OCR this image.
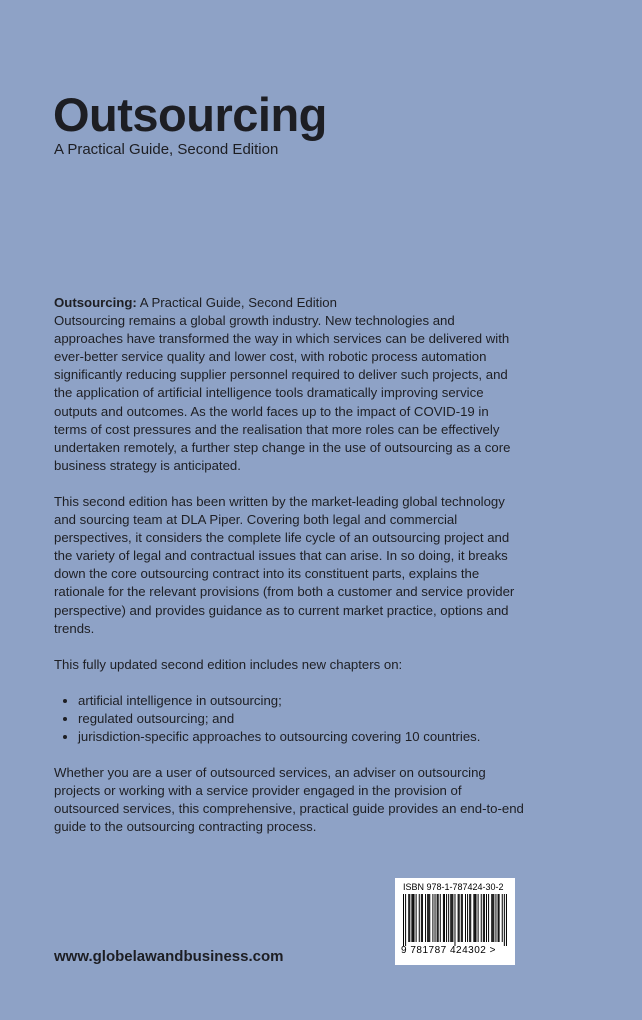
Outsourcing
A Practical Guide, Second Edition

Outsourcing: A Practical Guide, Second Edition

Outsourcing remains a global growth industry. New technologies and approaches have transformed the way in which services can be delivered with ever-better service quality and lower cost, with robotic process automation significantly reducing supplier personnel required to deliver such projects, and the application of artificial intelligence tools dramatically improving service outputs and outcomes. As the world faces up to the impact of COVID-19 in terms of cost pressures and the realisation that more roles can be effectively undertaken remotely, a further step change in the use of outsourcing as a core business strategy is anticipated.

This second edition has been written by the market-leading global technology and sourcing team at DLA Piper. Covering both legal and commercial perspectives, it considers the complete life cycle of an outsourcing project and the variety of legal and contractual issues that can arise. In so doing, it breaks down the core outsourcing contract into its constituent parts, explains the rationale for the relevant provisions (from both a customer and service provider perspective) and provides guidance as to current market practice, options and trends.

This fully updated second edition includes new chapters on:

• artificial intelligence in outsourcing;
• regulated outsourcing; and
• jurisdiction-specific approaches to outsourcing covering 10 countries.

Whether you are a user of outsourced services, an adviser on outsourcing projects or working with a service provider engaged in the provision of outsourced services, this comprehensive, practical guide provides an end-to-end guide to the outsourcing contracting process.

www.globelawandbusiness.com
ISBN 978-1-787424-30-2
9 781787 424302 >
